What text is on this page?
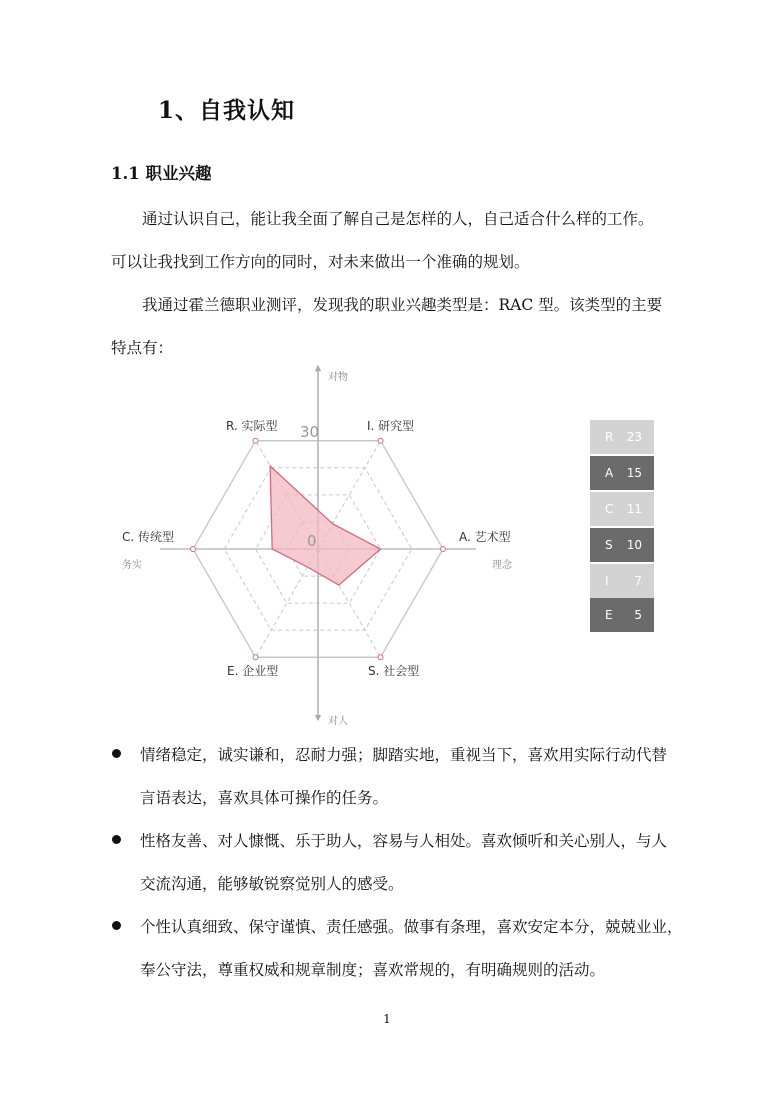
1、自我认知
1.1 职业兴趣
通过认识自己，能让我全面了解自己是怎样的人，自己适合什么样的工作。
可以让我找到工作方向的同时，对未来做出一个准确的规划。
我通过霍兰德职业测评，发现我的职业兴趣类型是：RAC 型。该类型的主要
特点有：
30
0
对物
对人
务实	理念
R. 实际型	I. 研究型
A. 艺术型
S. 社会型
E. 企业型
C. 传统型
R 23
A 15
C 11
S 10
I 7
E 5
情绪稳定，诚实谦和，忍耐力强；脚踏实地，重视当下，喜欢用实际行动代替
言语表达，喜欢具体可操作的任务。
性格友善、对人慷慨、乐于助人，容易与人相处。喜欢倾听和关心别人，与人
交流沟通，能够敏锐察觉别人的感受。
个性认真细致、保守谨慎、责任感强。做事有条理，喜欢安定本分，兢兢业业，
奉公守法，尊重权威和规章制度；喜欢常规的，有明确规则的活动。
1
